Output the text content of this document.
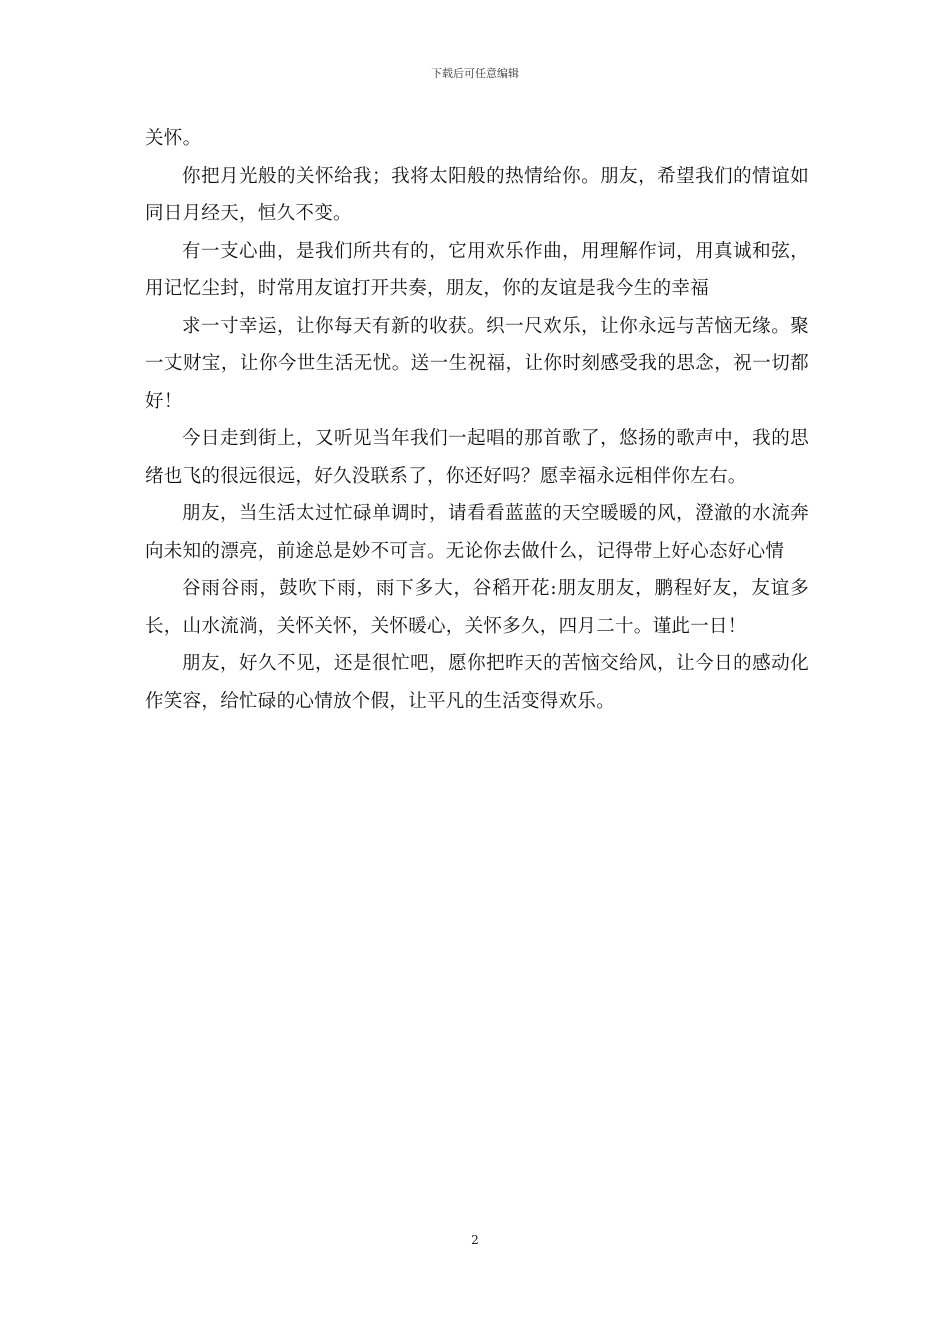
下载后可任意编辑

关怀。

你把月光般的关怀给我；我将太阳般的热情给你。朋友，希望我们的情谊如同日月经天，恒久不变。

有一支心曲，是我们所共有的，它用欢乐作曲，用理解作词，用真诚和弦，用记忆尘封，时常用友谊打开共奏，朋友，你的友谊是我今生的幸福

求一寸幸运，让你每天有新的收获。织一尺欢乐，让你永远与苦恼无缘。聚一丈财宝，让你今世生活无忧。送一生祝福，让你时刻感受我的思念，祝一切都好！

今日走到街上，又听见当年我们一起唱的那首歌了，悠扬的歌声中，我的思绪也飞的很远很远，好久没联系了，你还好吗？愿幸福永远相伴你左右。

朋友，当生活太过忙碌单调时，请看看蓝蓝的天空暖暖的风，澄澈的水流奔向未知的漂亮，前途总是妙不可言。无论你去做什么，记得带上好心态好心情

谷雨谷雨，鼓吹下雨，雨下多大，谷稻开花:朋友朋友，鹏程好友，友谊多长，山水流淌，关怀关怀，关怀暖心，关怀多久，四月二十。谨此一日！

朋友，好久不见，还是很忙吧，愿你把昨天的苦恼交给风，让今日的感动化作笑容，给忙碌的心情放个假，让平凡的生活变得欢乐。

2
